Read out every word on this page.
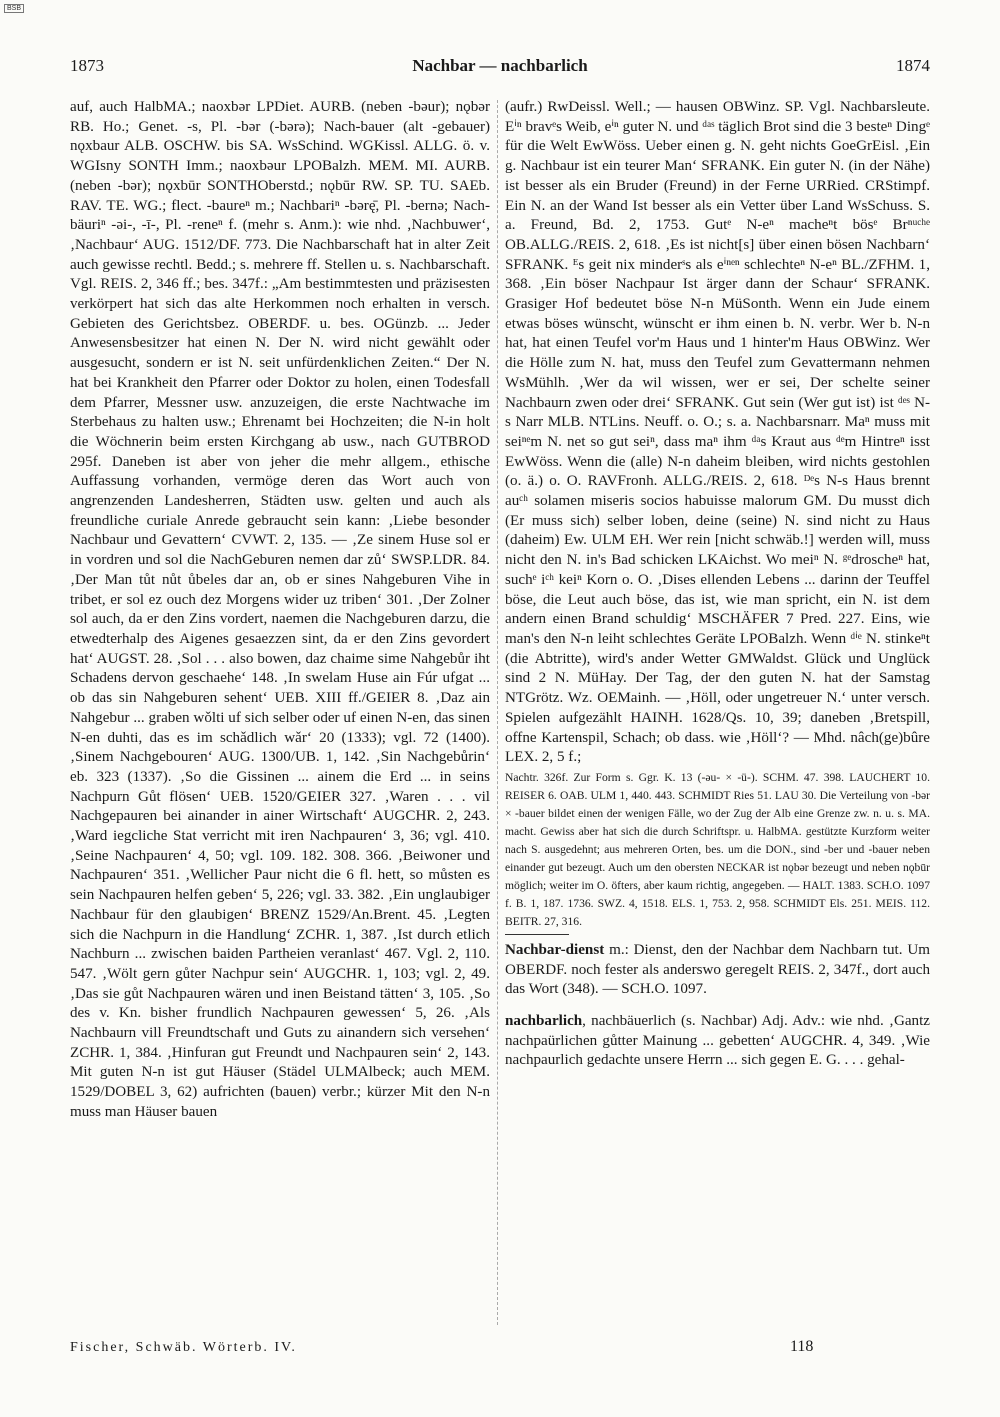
BSB
1873	Nachbar — nachbarlich	1874

auf, auch HalbMA.; naoxbər LPDiet. AURB. (neben -bəur); nǫbər RB. Ho.; Genet. -s, Pl. -bər (-bərə); Nach-bauer (alt -gebauer) nǫxbaur ALB. OSCHW. bis SA. WsSchind. WGKissl. ALLG. ö. v. WGIsny SONTH Imm.; naoxbəur LPOBalzh. MEM. MI. AURB. (neben -bər); nǫxbūr SONTHOberstd.; nǫbūr RW. SP. TU. SAEb. RAV. TE. WG.; flect. -baureⁿ m.; Nachbariⁿ -bərę̄, Pl. -bernə; Nach-bäuriⁿ -əi-, -ī-, Pl. -reneⁿ f. (mehr s. Anm.): wie nhd. ‚Nachbuwer‘, ‚Nachbaur‘ AUG. 1512/DF. 773. Die Nachbarschaft hat in alter Zeit auch gewisse rechtl. Bedd.; s. mehrere ff. Stellen u. s. Nachbarschaft. Vgl. REIS. 2, 346 ff.; bes. 347f.: „Am bestimmtesten und präzisesten verkörpert hat sich das alte Herkommen noch erhalten in versch. Gebieten des Gerichtsbez. OBERDF. u. bes. OGünzb. ... Jeder Anwesensbesitzer hat einen N. Der N. wird nicht gewählt oder ausgesucht, sondern er ist N. seit unfürdenklichen Zeiten.“ Der N. hat bei Krankheit den Pfarrer oder Doktor zu holen, einen Todesfall dem Pfarrer, Messner usw. anzuzeigen, die erste Nachtwache im Sterbehaus zu halten usw.; Ehrenamt bei Hochzeiten; die N-in holt die Wöchnerin beim ersten Kirchgang ab usw., nach GUTBROD 295f. Daneben ist aber von jeher die mehr allgem., ethische Auffassung vorhanden, vermöge deren das Wort auch von angrenzenden Landesherren, Städten usw. gelten und auch als freundliche curiale Anrede gebraucht sein kann: ‚Liebe besonder Nachbaur und Gevattern‘ CVWT. 2, 135. — ‚Ze sinem Huse sol er in vordren und sol die NachGeburen nemen dar zů‘ SWSP.LDR. 84. ‚Der Man tůt nůt ůbeles dar an, ob er sines Nahgeburen Vihe in tribet, er sol ez ouch dez Morgens wider uz triben‘ 301. ‚Der Zolner sol auch, da er den Zins vordert, naemen die Nachgeburen darzu, die etwedterhalp des Aigenes gesaezzen sint, da er den Zins gevordert hat‘ AUGST. 28. ‚Sol . . . also bowen, daz chaime sime Nahgebůr iht Schadens dervon geschaehe‘ 148. ‚In swelam Huse ain Fúr ufgat ... ob das sin Nahgeburen sehent‘ UEB. XIII ff./GEIER 8. ‚Daz ain Nahgebur ... graben wǒlti uf sich selber oder uf einen N-en, das sinen N-en duhti, das es im schǎdlich wǎr‘ 20 (1333); vgl. 72 (1400). ‚Sinem Nachgebouren‘ AUG. 1300/UB. 1, 142. ‚Sin Nachgebůrin‘ eb. 323 (1337). ‚So die Gissinen ... ainem die Erd ... in seins Nachpurn Gůt flösen‘ UEB. 1520/GEIER 327. ‚Waren . . . vil Nachgepauren bei ainander in ainer Wirtschaft‘ AUGCHR. 2, 243. ‚Ward iegcliche Stat verricht mit iren Nachpauren‘ 3, 36; vgl. 410. ‚Seine Nachpauren‘ 4, 50; vgl. 109. 182. 308. 366. ‚Beiwoner und Nachpauren‘ 351. ‚Wellicher Paur nicht die 6 fl. hett, so můsten es sein Nachpauren helfen geben‘ 5, 226; vgl. 33. 382. ‚Ein unglaubiger Nachbaur für den glaubigen‘ BRENZ 1529/An.Brent. 45. ‚Legten sich die Nachpurn in die Handlung‘ ZCHR. 1, 387. ‚Ist durch etlich Nachburn ... zwischen baiden Partheien veranlast‘ 467. Vgl. 2, 110. 547. ‚Wölt gern gůter Nachpur sein‘ AUGCHR. 1, 103; vgl. 2, 49. ‚Das sie gůt Nachpauren wären und inen Beistand tätten‘ 3, 105. ‚So des v. Kn. bisher frundlich Nachpauren gewessen‘ 5, 26. ‚Als Nachbaurn vill Freundtschaft und Guts zu ainandern sich versehen‘ ZCHR. 1, 384. ‚Hinfuran gut Freundt und Nachpauren sein‘ 2, 143. Mit guten N-n ist gut Häuser (Städel ULMAlbeck; auch MEM. 1529/DOBEL 3, 62) aufrichten (bauen) verbr.; kürzer Mit den N-n muss man Häuser bauen

(aufr.) RwDeissl. Well.; — hausen OBWinz. SP. Vgl. Nachbarsleute. Eⁱⁿ bravᵉs Weib, eⁱⁿ guter N. und ᵈᵃˢ täglich Brot sind die 3 besteⁿ Dingᵉ für die Welt EwWöss. Ueber einen g. N. geht nichts GoeGrEisl. ‚Ein g. Nachbaur ist ein teurer Man‘ SFRANK. Ein guter N. (in der Nähe) ist besser als ein Bruder (Freund) in der Ferne URRied. CRStimpf. Ein N. an der Wand Ist besser als ein Vetter über Land WsSchuss. S. a. Freund, Bd. 2, 1753. Gutᵉ N-eⁿ macheⁿt bösᵉ Brⁿᵘᶜʰᵉ OB.ALLG./REIS. 2, 618. ‚Es ist nicht[s] über einen bösen Nachbarn‘ SFRANK. ᴱs geit nix minderˢs als eⁱⁿᵉⁿ schlechteⁿ N-eⁿ BL./ZFHM. 1, 368. ‚Ein böser Nachpaur Ist ärger dann der Schaur‘ SFRANK. Grasiger Hof bedeutet böse N-n MüSonth. Wenn ein Jude einem etwas böses wünscht, wünscht er ihm einen b. N. verbr. Wer b. N-n hat, hat einen Teufel vor'm Haus und 1 hinter'm Haus OBWinz. Wer die Hölle zum N. hat, muss den Teufel zum Gevattermann nehmen WsMühlh. ‚Wer da wil wissen, wer er sei, Der schelte seiner Nachbaurn zwen oder drei‘ SFRANK. Gut sein (Wer gut ist) ist ᵈᵉˢ N-s Narr MLB. NTLins. Neuff. o. O.; s. a. Nachbarsnarr. Maⁿ muss mit seiⁿᵉm N. net so gut seiⁿ, dass maⁿ ihm ᵈᵃs Kraut aus ᵈᵉm Hintreⁿ isst EwWöss. Wenn die (alle) N-n daheim bleiben, wird nichts gestohlen (o. ä.) o. O. RAVFronh. ALLG./REIS. 2, 618. ᴰᵉs N-s Haus brennt auᶜʰ solamen miseris socios habuisse malorum GM. Du musst dich (Er muss sich) selber loben, deine (seine) N. sind nicht zu Haus (daheim) Ew. ULM EH. Wer rein [nicht schwäb.!] werden will, muss nicht den N. in's Bad schicken LKAichst. Wo meiⁿ N. ᵍᵉdroscheⁿ hat, suchᵉ iᶜʰ keiⁿ Korn o. O. ‚Dises ellenden Lebens ... darinn der Teuffel böse, die Leut auch böse, das ist, wie man spricht, ein N. ist dem andern einen Brand schuldig‘ MSCHÄFER 7 Pred. 227. Eins, wie man's den N-n leiht schlechtes Geräte LPOBalzh. Wenn ᵈⁱᵉ N. stinkeⁿt (die Abtritte), wird's ander Wetter GMWaldst. Glück und Unglück sind 2 N. MüHay. Der Tag, der den guten N. hat der Samstag NTGrötz. Wz. OEMainh. — ‚Höll, oder ungetreuer N.‘ unter versch. Spielen aufgezählt HAINH. 1628/Qs. 10, 39; daneben ‚Bretspill, offne Kartenspil, Schach; ob dass. wie ‚Höll‘? — Mhd. nâch(ge)bûre LEX. 2, 5 f.;

Nachtr. 326f. Zur Form s. Ggr. K. 13 (-əu- × -ü-). SCHM. 47. 398. LAUCHERT 10. REISER 6. OAB. ULM 1, 440. 443. SCHMIDT Ries 51. LAU 30. Die Verteilung von -bər × -bauer bildet einen der wenigen Fälle, wo der Zug der Alb eine Grenze zw. n. u. s. MA. macht. Gewiss aber hat sich die durch Schriftspr. u. HalbMA. gestützte Kurzform weiter nach S. ausgedehnt; aus mehreren Orten, bes. um die DON., sind -ber und -bauer neben einander gut bezeugt. Auch um den obersten NECKAR ist nǫbər bezeugt und neben nǫbūr möglich; weiter im O. öfters, aber kaum richtig, angegeben. — HALT. 1383. SCH.O. 1097 f. B. 1, 187. 1736. SWZ. 4, 1518. ELS. 1, 753. 2, 958. SCHMIDT Els. 251. MEIS. 112. BEITR. 27, 316.

Nachbar-dienst m.: Dienst, den der Nachbar dem Nachbarn tut. Um OBERDF. noch fester als anderswo geregelt REIS. 2, 347f., dort auch das Wort (348). — SCH.O. 1097.

nachbarlich, nachbäuerlich (s. Nachbar) Adj. Adv.: wie nhd. ‚Gantz nachpaürlichen gůtter Mainung ... gebetten‘ AUGCHR. 4, 349. ‚Wie nachpaurlich gedachte unsere Herrn ... sich gegen E. G. . . . gehal-

Fischer, Schwäb. Wörterb. IV.	118
